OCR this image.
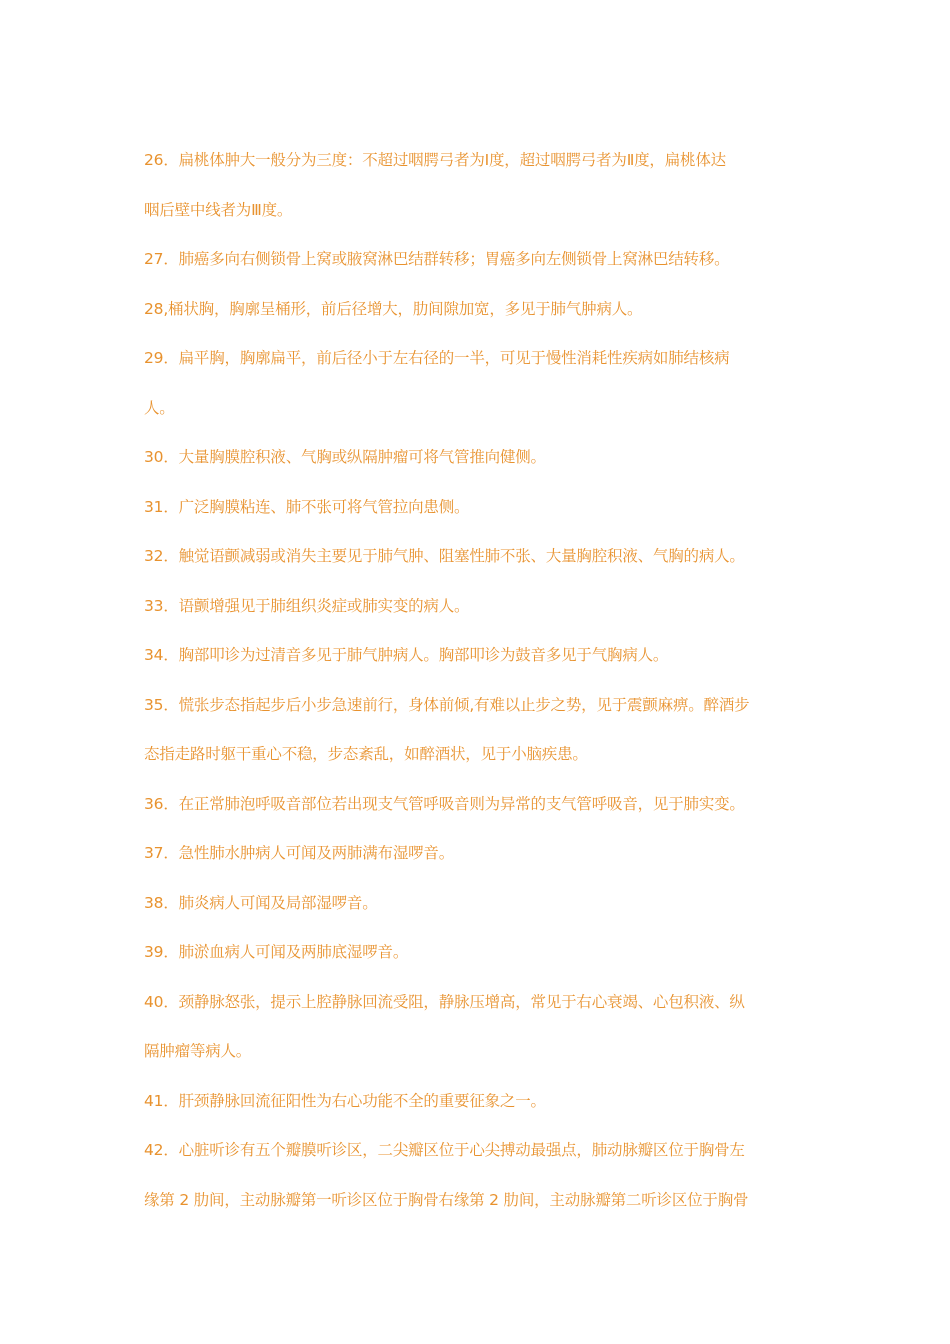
26．扁桃体肿大一般分为三度：不超过咽腭弓者为Ⅰ度，超过咽腭弓者为Ⅱ度，扁桃体达
咽后壁中线者为Ⅲ度。

27．肺癌多向右侧锁骨上窝或腋窝淋巴结群转移；胃癌多向左侧锁骨上窝淋巴结转移。

28,桶状胸，胸廓呈桶形，前后径增大，肋间隙加宽，多见于肺气肿病人。

29．扁平胸，胸廓扁平，前后径小于左右径的一半，可见于慢性消耗性疾病如肺结核病
人。

30．大量胸膜腔积液、气胸或纵隔肿瘤可将气管推向健侧。

31．广泛胸膜粘连、肺不张可将气管拉向患侧。

32．触觉语颤减弱或消失主要见于肺气肿、阻塞性肺不张、大量胸腔积液、气胸的病人。

33．语颤增强见于肺组织炎症或肺实变的病人。

34．胸部叩诊为过清音多见于肺气肿病人。胸部叩诊为鼓音多见于气胸病人。

35．慌张步态指起步后小步急速前行，身体前倾,有难以止步之势，见于震颤麻痹。醉酒步
态指走路时躯干重心不稳，步态紊乱，如醉酒状，见于小脑疾患。

36．在正常肺泡呼吸音部位若出现支气管呼吸音则为异常的支气管呼吸音，见于肺实变。

37．急性肺水肿病人可闻及两肺满布湿啰音。

38．肺炎病人可闻及局部湿啰音。

39．肺淤血病人可闻及两肺底湿啰音。

40．颈静脉怒张，提示上腔静脉回流受阻，静脉压增高，常见于右心衰竭、心包积液、纵
隔肿瘤等病人。

41．肝颈静脉回流征阳性为右心功能不全的重要征象之一。

42．心脏听诊有五个瓣膜听诊区，二尖瓣区位于心尖搏动最强点，肺动脉瓣区位于胸骨左
缘第 2 肋间，主动脉瓣第一听诊区位于胸骨右缘第 2 肋间，主动脉瓣第二听诊区位于胸骨
